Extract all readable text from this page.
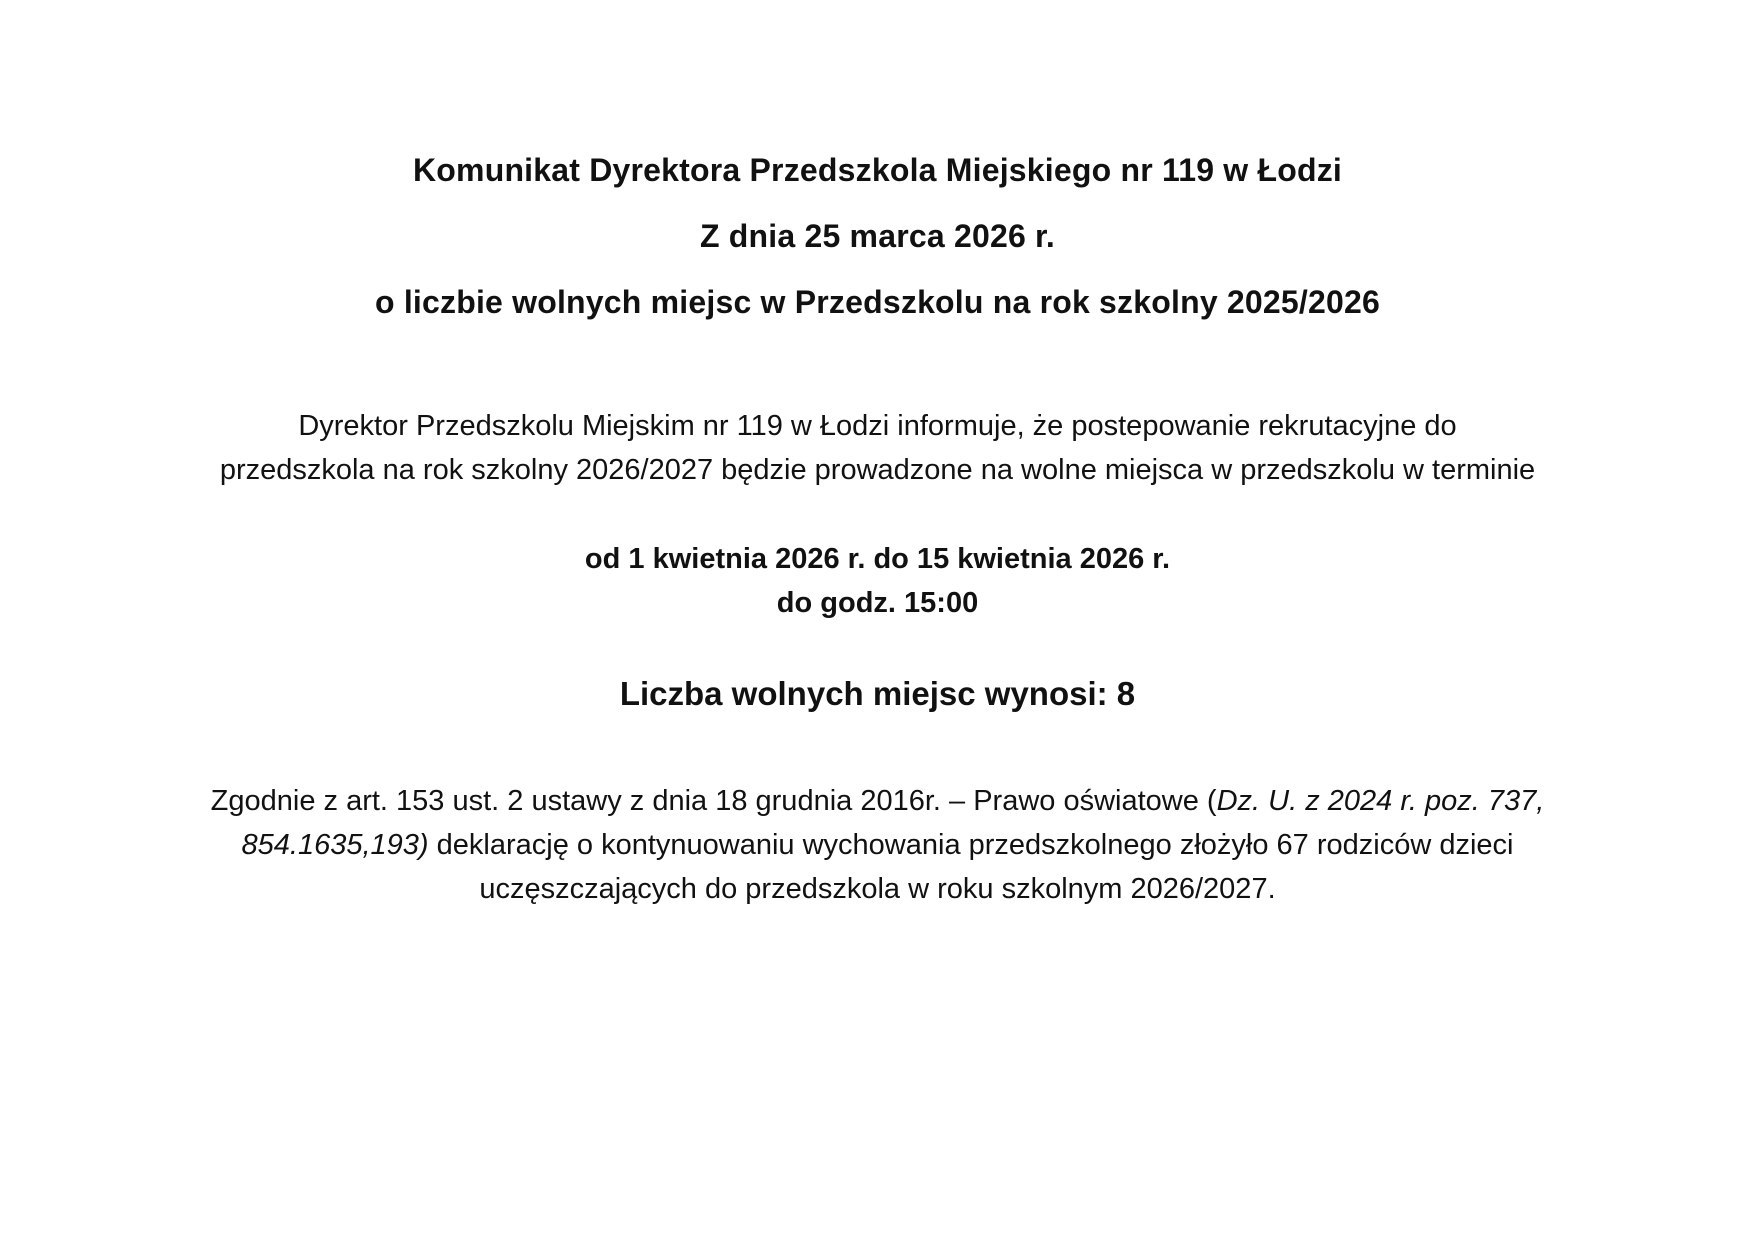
Komunikat Dyrektora Przedszkola Miejskiego nr 119 w Łodzi
Z dnia 25 marca 2026 r.
o liczbie wolnych miejsc w Przedszkolu na rok szkolny 2025/2026
Dyrektor Przedszkolu Miejskim nr 119 w Łodzi informuje, że postepowanie rekrutacyjne do
przedszkola na rok szkolny 2026/2027 będzie prowadzone na wolne miejsca w przedszkolu w terminie
od 1 kwietnia 2026 r. do 15 kwietnia 2026 r.
do godz. 15:00
Liczba wolnych miejsc wynosi: 8
Zgodnie z art. 153 ust. 2 ustawy z dnia 18 grudnia 2016r. – Prawo oświatowe (Dz. U. z 2024 r. poz. 737,
854.1635,193) deklarację o kontynuowaniu wychowania przedszkolnego złożyło 67 rodziców dzieci
uczęszczających do przedszkola w roku szkolnym 2026/2027.
